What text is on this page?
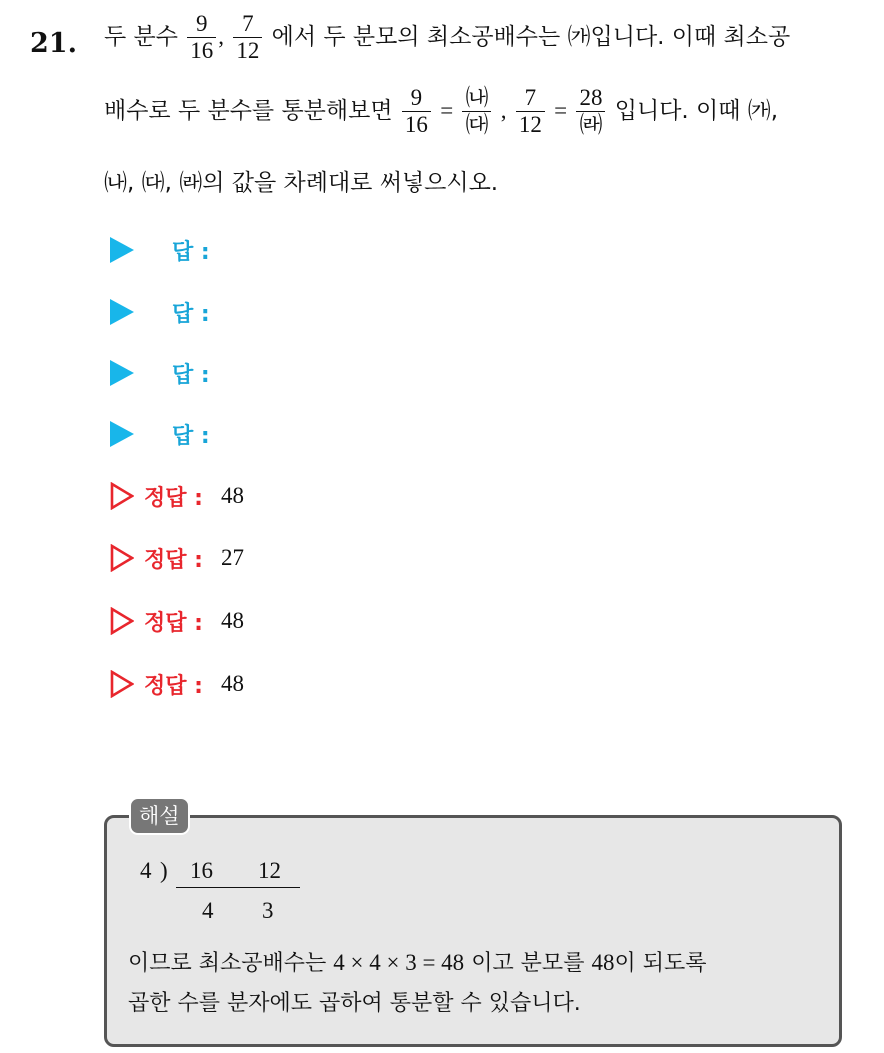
21. 두 분수 $\frac{9}{16}$ , $\frac{7}{12}$ 에서 두 분모의 최소공배수는 ㈎입니다. 이때 최소공
배수로 두 분수를 통분해보면 $\frac{9}{16} = \frac{㈏}{㈐}$ , $\frac{7}{12} = \frac{28}{㈑}$ 입니다. 이때 ㈎,
㈏, ㈐, ㈑의 값을 차례대로 써넣으시오.
답 :
답 :
답 :
답 :
정답 : 48
정답 : 27
정답 : 48
정답 : 48
해설
4 ) 16 12
4 3
이므로 최소공배수는 4 × 4 × 3 = 48 이고 분모를 48이 되도록
곱한 수를 분자에도 곱하여 통분할 수 있습니다.
